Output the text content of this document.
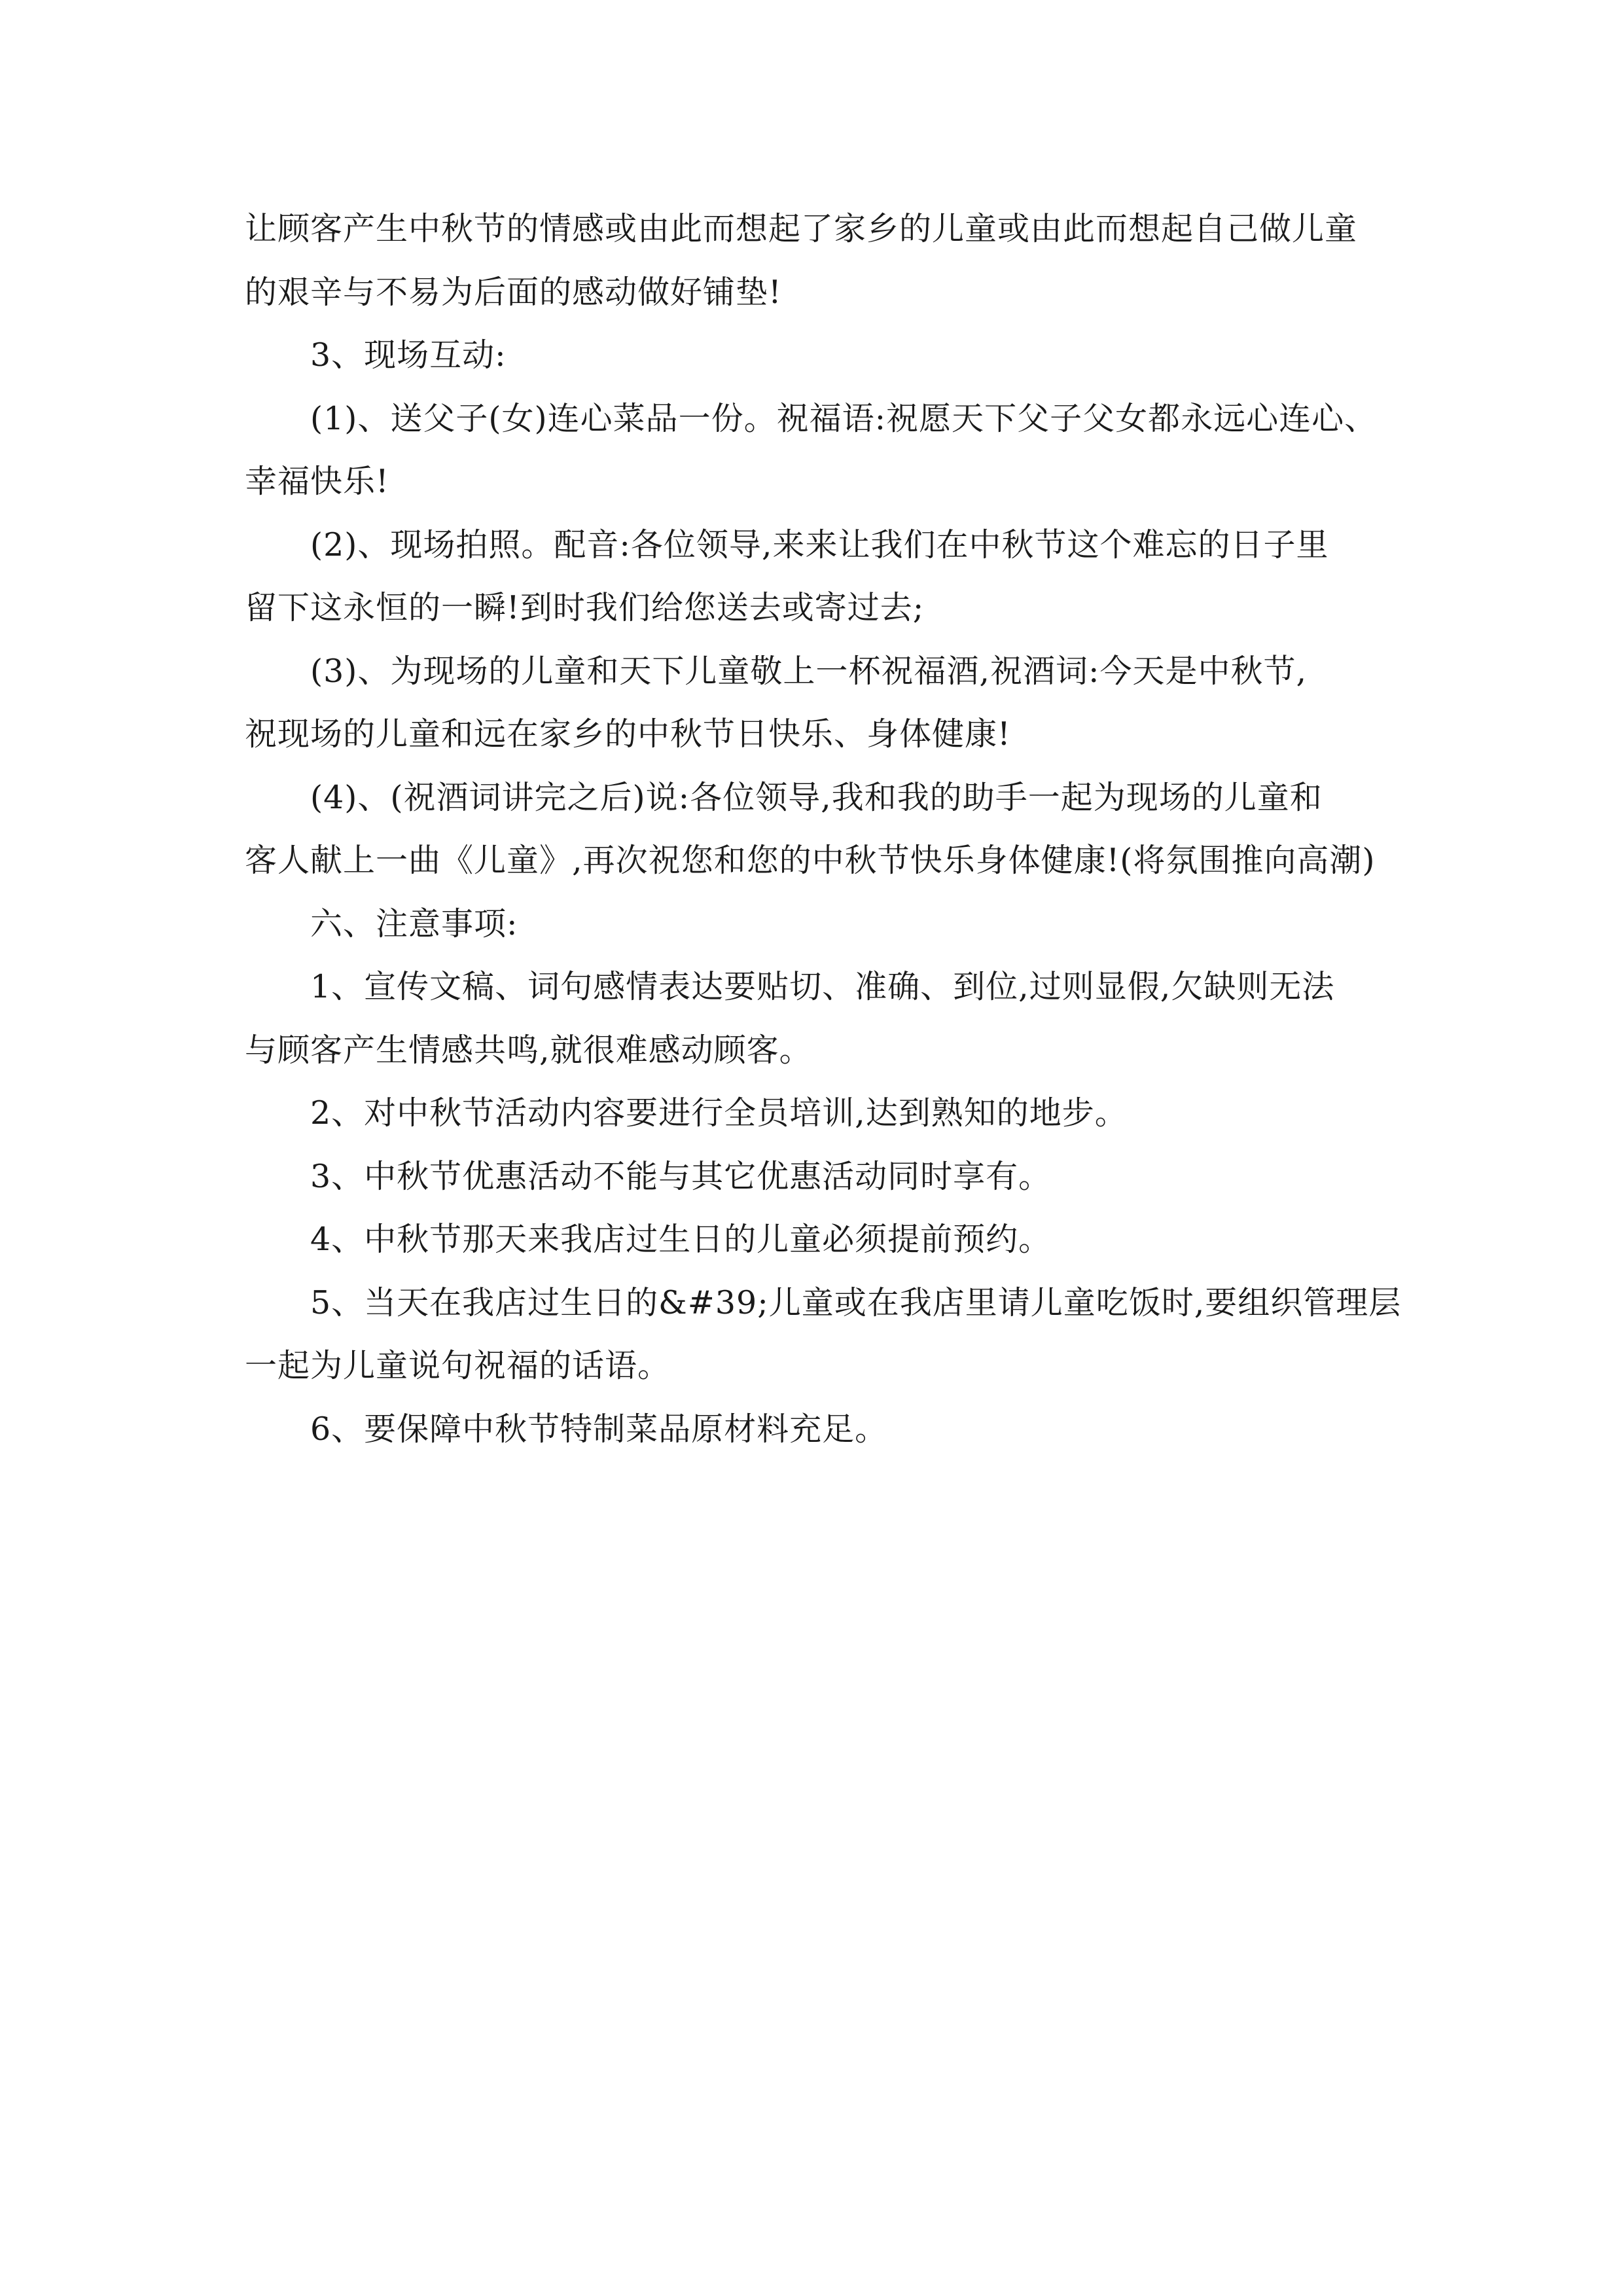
让顾客产生中秋节的情感或由此而想起了家乡的儿童或由此而想起自己做儿童
的艰辛与不易为后面的感动做好铺垫!

3、现场互动:

(1)、送父子(女)连心菜品一份。祝福语:祝愿天下父子父女都永远心连心、
幸福快乐!

(2)、现场拍照。配音:各位领导,来来让我们在中秋节这个难忘的日子里
留下这永恒的一瞬!到时我们给您送去或寄过去;

(3)、为现场的儿童和天下儿童敬上一杯祝福酒,祝酒词:今天是中秋节,
祝现场的儿童和远在家乡的中秋节日快乐、身体健康!

(4)、(祝酒词讲完之后)说:各位领导,我和我的助手一起为现场的儿童和
客人献上一曲《儿童》,再次祝您和您的中秋节快乐身体健康!(将氛围推向高潮)

六、注意事项:

1、宣传文稿、词句感情表达要贴切、准确、到位,过则显假,欠缺则无法
与顾客产生情感共鸣,就很难感动顾客。

2、对中秋节活动内容要进行全员培训,达到熟知的地步。

3、中秋节优惠活动不能与其它优惠活动同时享有。

4、中秋节那天来我店过生日的儿童必须提前预约。

5、当天在我店过生日的&#39;儿童或在我店里请儿童吃饭时,要组织管理层
一起为儿童说句祝福的话语。

6、要保障中秋节特制菜品原材料充足。
